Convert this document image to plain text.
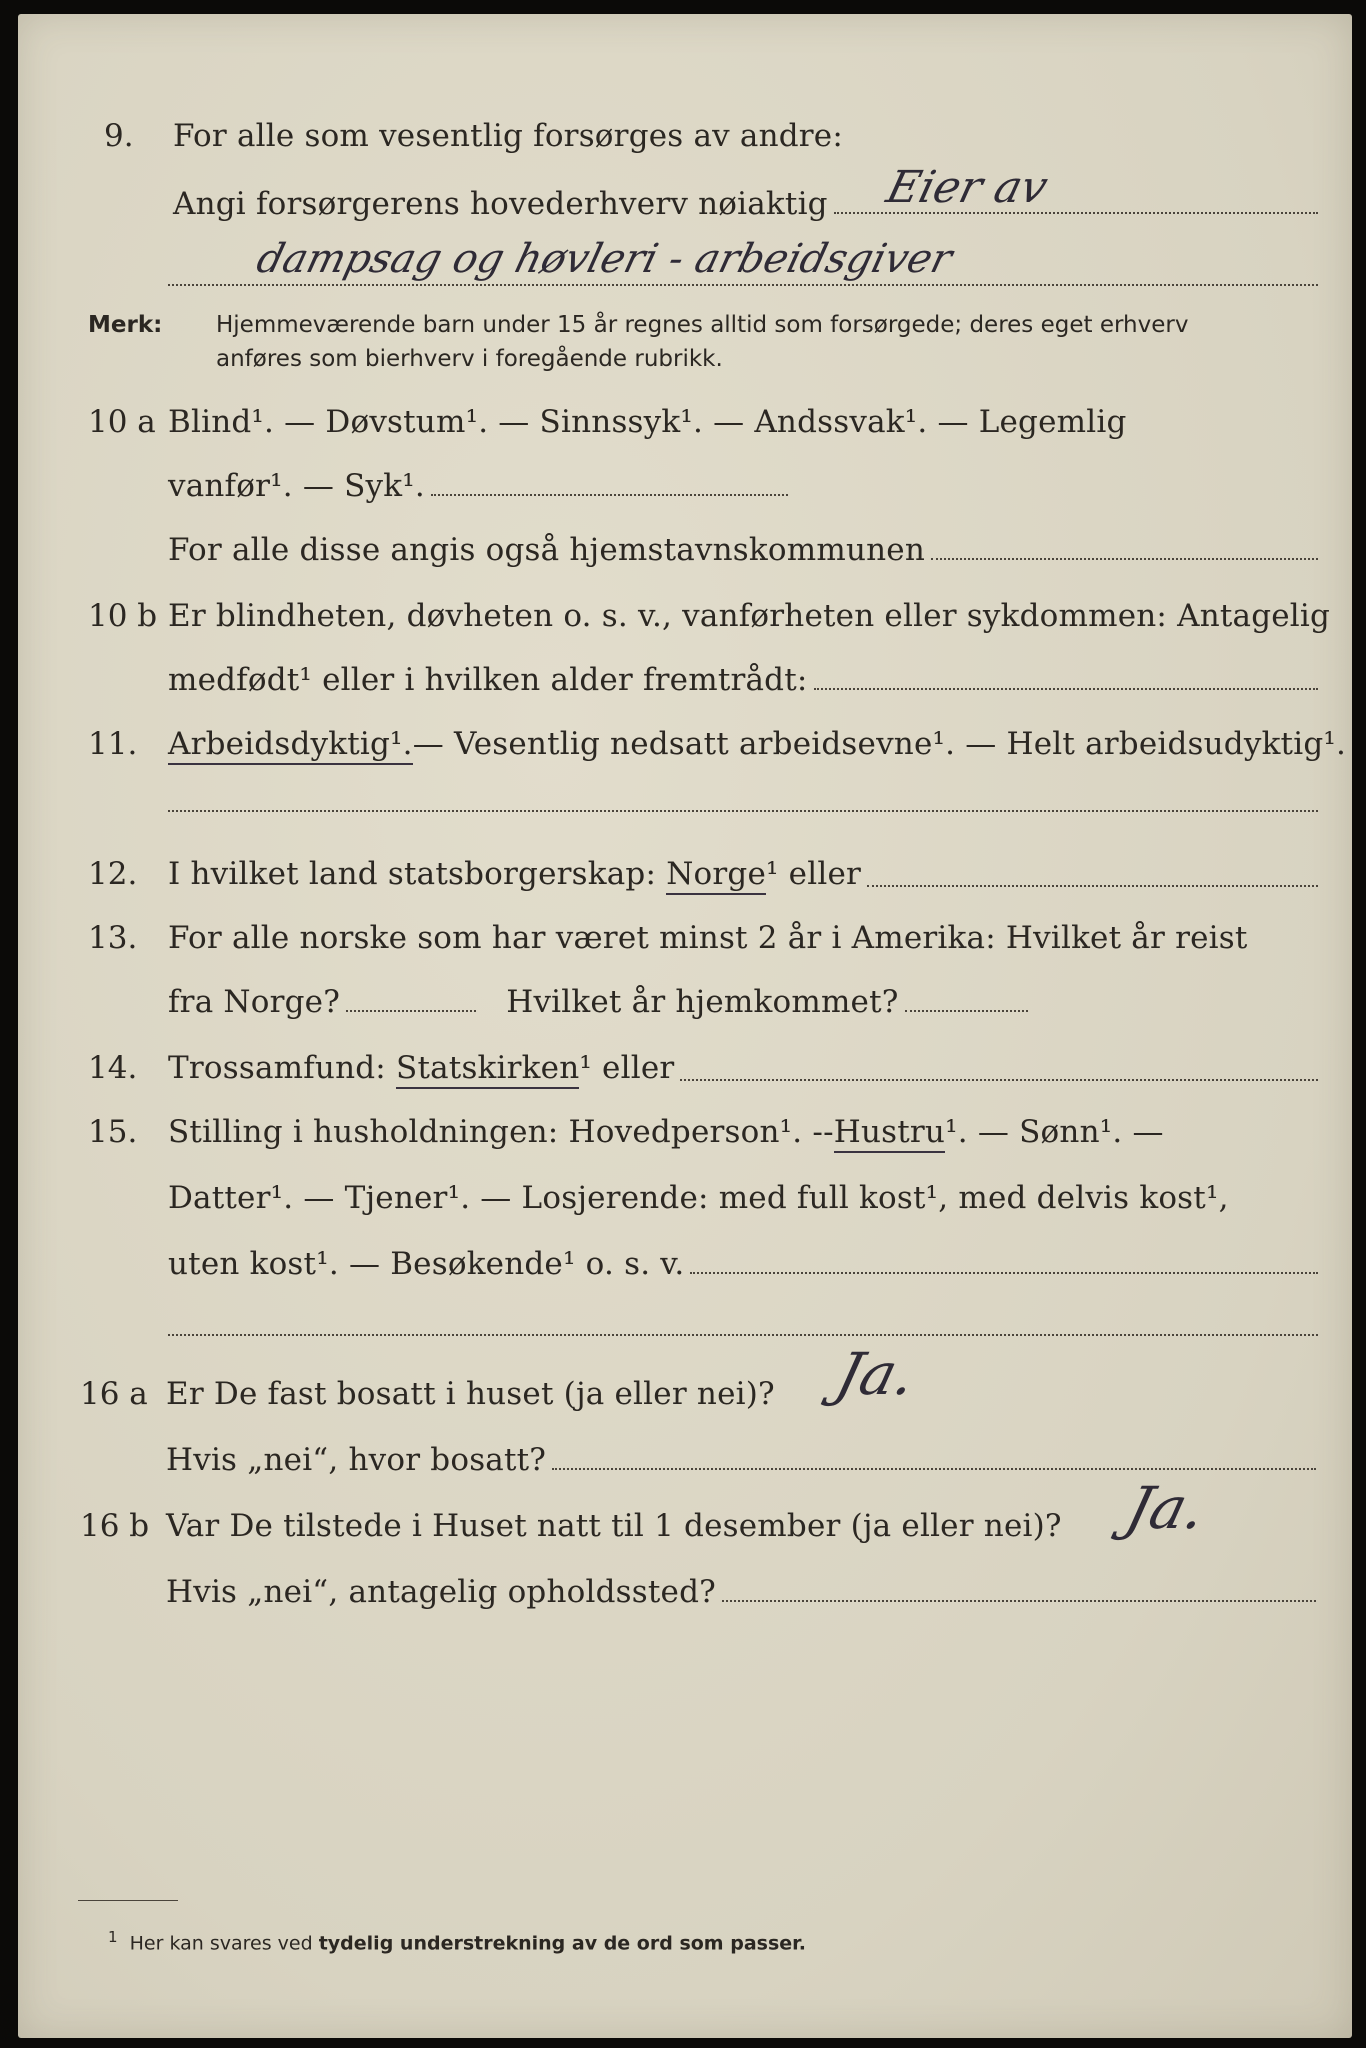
9. For alle som vesentlig forsørges av andre:
Angi forsørgerens hovederhverv nøiaktig Eier av
dampsag og høvleri - arbeidsgiver
Merk: Hjemmeværende barn under 15 år regnes alltid som forsørgede; deres eget erhverv
anføres som bierhverv i foregående rubrikk.
10 a Blind¹. — Døvstum¹. — Sinnssyk¹. — Andssvak¹. — Legemlig
vanfør¹. — Syk¹.
For alle disse angis også hjemstavnskommunen
10 b Er blindheten, døvheten o. s. v., vanførheten eller sykdommen: Antagelig
medfødt¹ eller i hvilken alder fremtrådt:
11. Arbeidsdyktig¹. — Vesentlig nedsatt arbeidsevne¹. — Helt arbeidsudyktig¹.
12. I hvilket land statsborgerskap:
Norge ¹ eller
13. For alle norske som har været minst 2 år i Amerika: Hvilket år reist
fra Norge?
	Hvilket år hjemkommet?
14. Trossamfund:
Statskirken ¹ eller
15. Stilling i husholdningen: Hovedperson¹. -- Hustru ¹. — Sønn¹. —
Datter¹. — Tjener¹. — Losjerende: med full kost¹, med delvis kost¹,
uten kost¹. — Besøkende¹ o. s. v.
16 a Er De fast bosatt i huset (ja eller nei)? Ja.
Hvis „nei“, hvor bosatt?
16 b Var De tilstede i Huset natt til 1 desember (ja eller nei)? Ja.
Hvis „nei“, antagelig opholdssted?
$^1$ Her kan svares ved tydelig understrekning av de ord som passer.
